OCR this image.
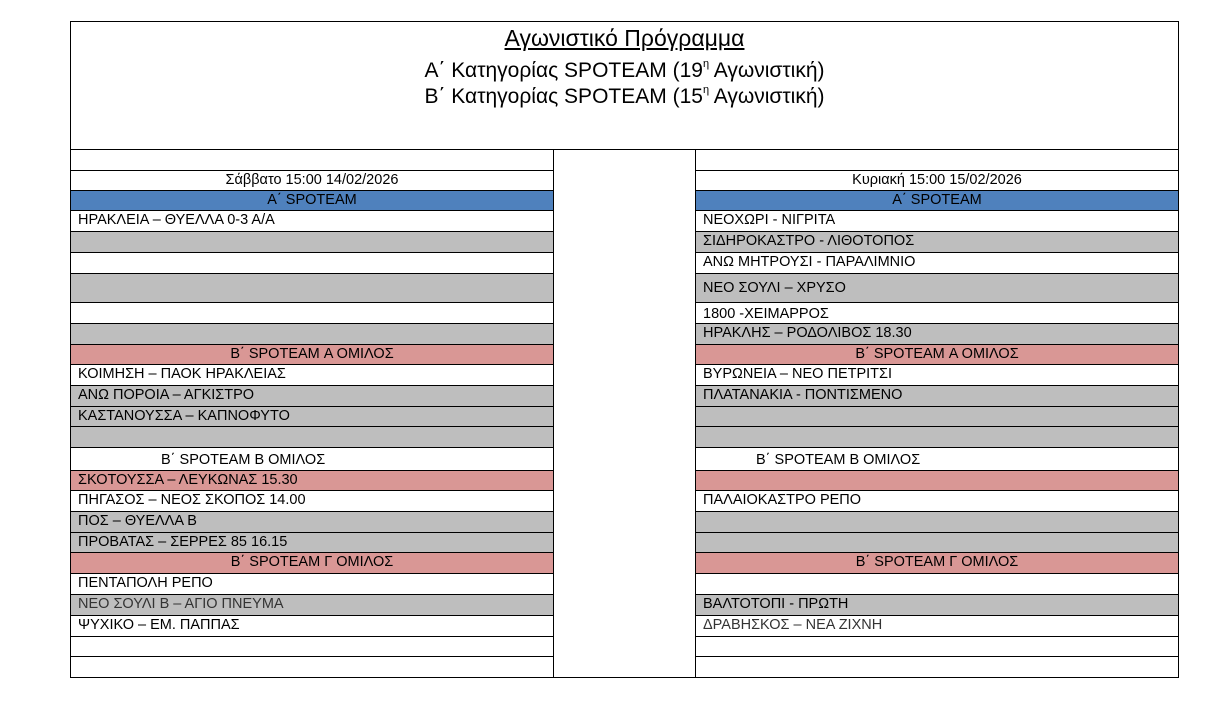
Αγωνιστικό Πρόγραμμα
Α΄ Κατηγορίας SPOTEAM ($19^\eta$ Αγωνιστική)
Β΄ Κατηγορίας SPOTEAM ($15^\eta$ Αγωνιστική)
Σάββατο 15:00 14/02/2026
Α΄ SPOTEAM
ΗΡΑΚΛΕΙΑ – ΘΥΕΛΛΑ 0-3 Α/Α
Β΄ SPOTEAM Α ΟΜΙΛΟΣ
ΚΟΙΜΗΣΗ – ΠΑΟΚ ΗΡΑΚΛΕΙΑΣ
ΑΝΩ ΠΟΡΟΙΑ – ΑΓΚΙΣΤΡΟ
ΚΑΣΤΑΝΟΥΣΣΑ – ΚΑΠΝΟΦΥΤΟ
Β΄ SPOTEAM Β ΟΜΙΛΟΣ
ΣΚΟΤΟΥΣΣΑ – ΛΕΥΚΩΝΑΣ 15.30
ΠΗΓΑΣΟΣ – ΝΕΟΣ ΣΚΟΠΟΣ 14.00
ΠΟΣ – ΘΥΕΛΛΑ Β
ΠΡΟΒΑΤΑΣ – ΣΕΡΡΕΣ 85 16.15
Β΄ SPOTEAM Γ ΟΜΙΛΟΣ
ΠΕΝΤΑΠΟΛΗ ΡΕΠΟ
ΝΕΟ ΣΟΥΛΙ Β – ΑΓΙΟ ΠΝΕΥΜΑ
ΨΥΧΙΚΟ – ΕΜ. ΠΑΠΠΑΣ
Κυριακή 15:00 15/02/2026
Α΄ SPOTEAM
ΝΕΟΧΩΡΙ - ΝΙΓΡΙΤΑ
ΣΙΔΗΡΟΚΑΣΤΡΟ - ΛΙΘΟΤΟΠΟΣ
ΑΝΩ ΜΗΤΡΟΥΣΙ - ΠΑΡΑΛΙΜΝΙΟ
ΝΕΟ ΣΟΥΛΙ – ΧΡΥΣΟ
1800 -ΧΕΙΜΑΡΡΟΣ
ΗΡΑΚΛΗΣ – ΡΟΔΟΛΙΒΟΣ 18.30
Β΄ SPOTEAM Α ΟΜΙΛΟΣ
ΒΥΡΩΝΕΙΑ – ΝΕΟ ΠΕΤΡΙΤΣΙ
ΠΛΑΤΑΝΑΚΙΑ - ΠΟΝΤΙΣΜΕΝΟ
Β΄ SPOTEAM Β ΟΜΙΛΟΣ
ΠΑΛΑΙΟΚΑΣΤΡΟ ΡΕΠΟ
Β΄ SPOTEAM Γ ΟΜΙΛΟΣ
ΒΑΛΤΟΤΟΠΙ - ΠΡΩΤΗ
ΔΡΑΒΗΣΚΟΣ – ΝΕΑ ΖΙΧΝΗ
